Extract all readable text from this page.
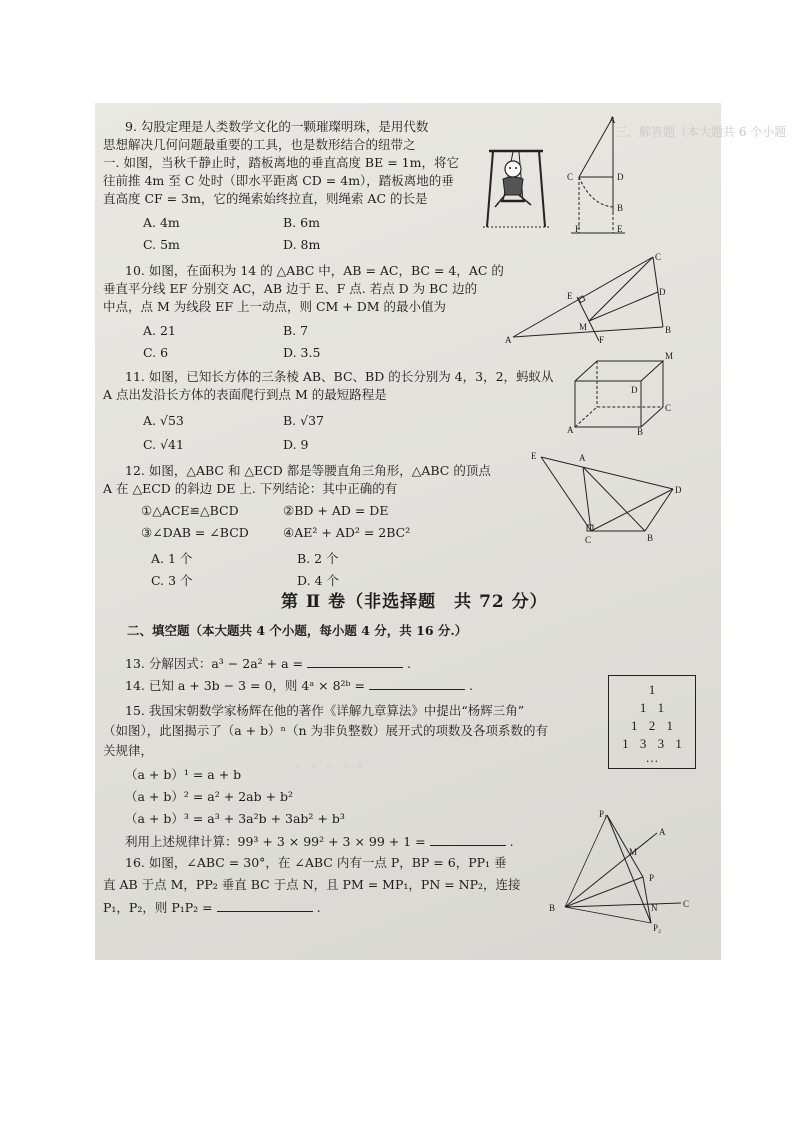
三、解答题（本大题共 6 个小题
。 。 。 。 。
9. 勾股定理是人类数学文化的一颗璀璨明珠，是用代数
思想解决几何问题最重要的工具，也是数形结合的纽带之
一. 如图，当秋千静止时，踏板离地的垂直高度 BE = 1m，将它
往前推 4m 至 C 处时（即水平距离 CD = 4m），踏板离地的垂
直高度 CF = 3m，它的绳索始终拉直，则绳索 AC 的长是
A. 4m	B. 6m
C. 5m	D. 8m
A
C	D
B
F	E
10. 如图，在面积为 14 的 △ABC 中，AB = AC，BC = 4，AC 的
垂直平分线 EF 分别交 AC，AB 边于 E、F 点. 若点 D 为 BC 边的
中点，点 M 为线段 EF 上一动点，则 CM + DM 的最小值为
A. 21	B. 7
C. 6	D. 3.5
C
D
E
M
F
A
B
11. 如图，已知长方体的三条棱 AB、BC、BD 的长分别为 4，3，2，蚂蚁从
A 点出发沿长方体的表面爬行到点 M 的最短路程是
A. √53	B. √37
C. √41	D. 9
M
D
C
A	B
12. 如图，△ABC 和 △ECD 都是等腰直角三角形，△ABC 的顶点
A 在 △ECD 的斜边 DE 上. 下列结论：其中正确的有
①△ACE≌△BCD	②BD + AD = DE
③∠DAB = ∠BCD	④AE² + AD² = 2BC²
A. 1 个	B. 2 个
C. 3 个	D. 4 个
E	A
D
B
C
第 Ⅱ 卷（非选择题　共 72 分）
二、填空题（本大题共 4 个小题，每小题 4 分，共 16 分.）
13. 分解因式：a³ − 2a² + a =	.
14. 已知 a + 3b − 3 = 0，则 4ᵃ × 8²ᵇ =	.
15. 我国宋朝数学家杨辉在他的著作《详解九章算法》中提出“杨辉三角”
（如图），此图揭示了（a + b）ⁿ（n 为非负整数）展开式的项数及各项系数的有
关规律，
（a + b）¹ = a + b
（a + b）² = a² + 2ab + b²
（a + b）³ = a³ + 3a²b + 3ab² + b³
利用上述规律计算：99³ + 3 × 99² + 3 × 99 + 1 =	.
1
1 1
1 2 1
1 3 3 1
…
16. 如图，∠ABC = 30°，在 ∠ABC 内有一点 P，BP = 6，PP₁ 垂
直 AB 于点 M，PP₂ 垂直 BC 于点 N，且 PM = MP₁，PN = NP₂，连接
P₁，P₂，则 P₁P₂ =	.
P₁
A
M
P
B	N	C
P₂
